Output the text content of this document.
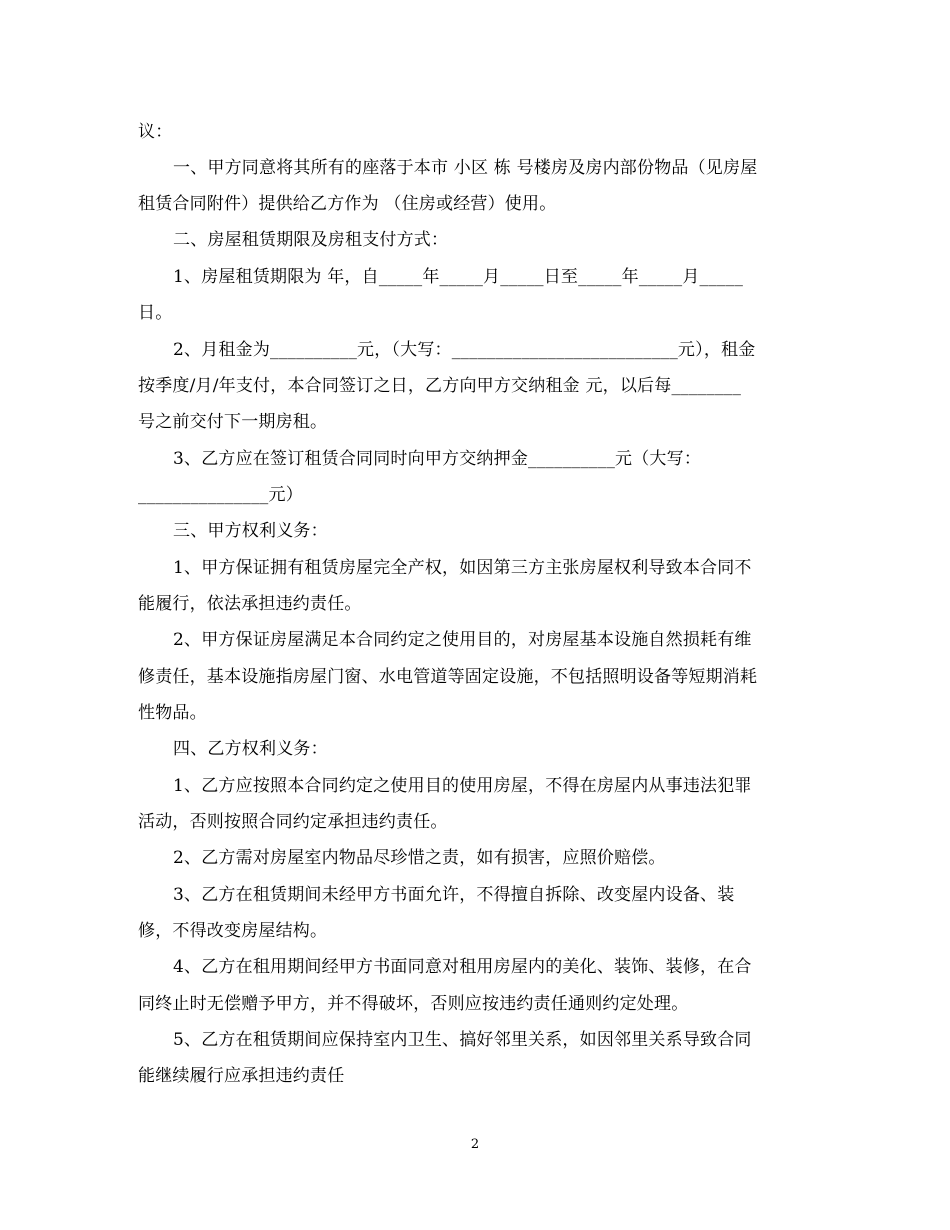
议：
一、甲方同意将其所有的座落于本市 小区 栋 号楼房及房内部份物品（见房屋
租赁合同附件）提供给乙方作为 （住房或经营）使用。
二、房屋租赁期限及房租支付方式：
1、房屋租赁期限为 年，自_____年_____月_____日至_____年_____月_____
日。
2、月租金为__________元，（大写：__________________________元），租金
按季度/月/年支付，本合同签订之日，乙方向甲方交纳租金 元，以后每________
号之前交付下一期房租。
3、乙方应在签订租赁合同同时向甲方交纳押金__________元（大写：
_______________元）
三、甲方权利义务：
1、甲方保证拥有租赁房屋完全产权，如因第三方主张房屋权利导致本合同不
能履行，依法承担违约责任。
2、甲方保证房屋满足本合同约定之使用目的，对房屋基本设施自然损耗有维
修责任，基本设施指房屋门窗、水电管道等固定设施，不包括照明设备等短期消耗
性物品。
四、乙方权利义务：
1、乙方应按照本合同约定之使用目的使用房屋，不得在房屋内从事违法犯罪
活动，否则按照合同约定承担违约责任。
2、乙方需对房屋室内物品尽珍惜之责，如有损害，应照价赔偿。
3、乙方在租赁期间未经甲方书面允许，不得擅自拆除、改变屋内设备、装
修，不得改变房屋结构。
4、乙方在租用期间经甲方书面同意对租用房屋内的美化、装饰、装修，在合
同终止时无偿赠予甲方，并不得破坏，否则应按违约责任通则约定处理。
5、乙方在租赁期间应保持室内卫生、搞好邻里关系，如因邻里关系导致合同
能继续履行应承担违约责任
2
